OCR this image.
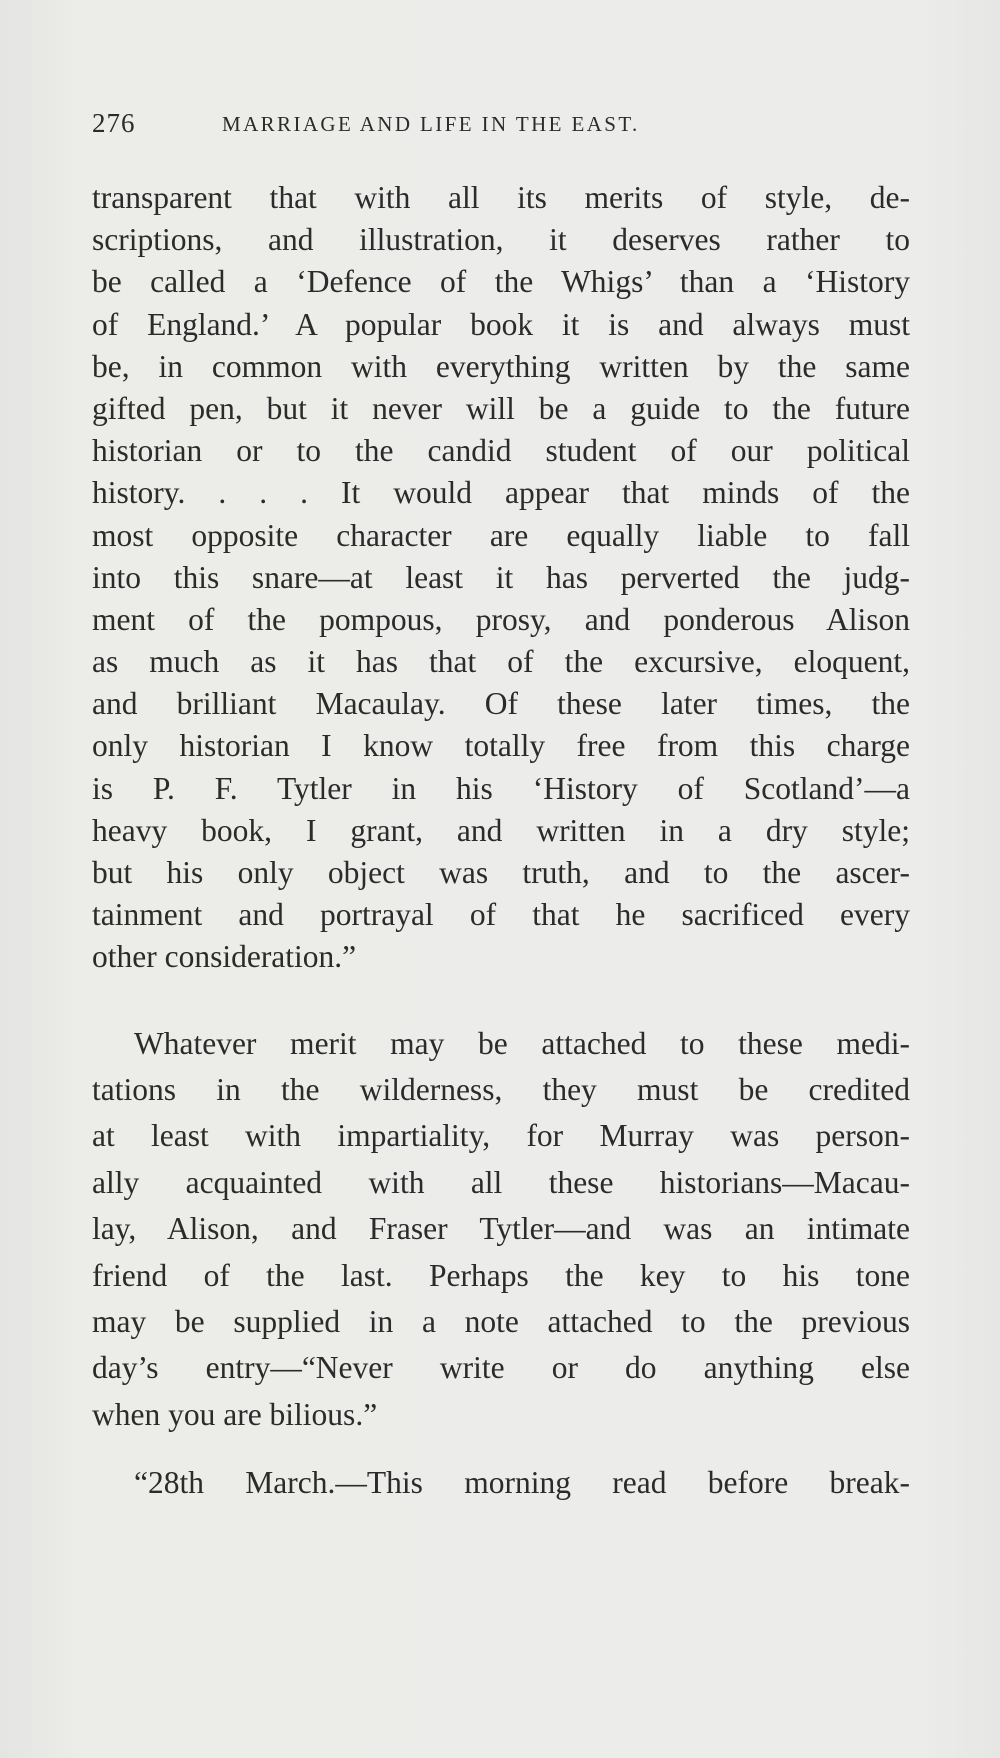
276	MARRIAGE AND LIFE IN THE EAST.

transparent that with all its merits of style, de-
scriptions, and illustration, it deserves rather to
be called a ‘Defence of the Whigs’ than a ‘History
of England.’ A popular book it is and always must
be, in common with everything written by the same
gifted pen, but it never will be a guide to the future
historian or to the candid student of our political
history. . . . It would appear that minds of the
most opposite character are equally liable to fall
into this snare—at least it has perverted the judg-
ment of the pompous, prosy, and ponderous Alison
as much as it has that of the excursive, eloquent,
and brilliant Macaulay. Of these later times, the
only historian I know totally free from this charge
is P. F. Tytler in his ‘History of Scotland’—a
heavy book, I grant, and written in a dry style;
but his only object was truth, and to the ascer-
tainment and portrayal of that he sacrificed every
other consideration.”

Whatever merit may be attached to these medi-
tations in the wilderness, they must be credited
at least with impartiality, for Murray was person-
ally acquainted with all these historians—Macau-
lay, Alison, and Fraser Tytler—and was an intimate
friend of the last. Perhaps the key to his tone
may be supplied in a note attached to the previous
day’s entry—“Never write or do anything else
when you are bilious.”

“28th March.—This morning read before break-
